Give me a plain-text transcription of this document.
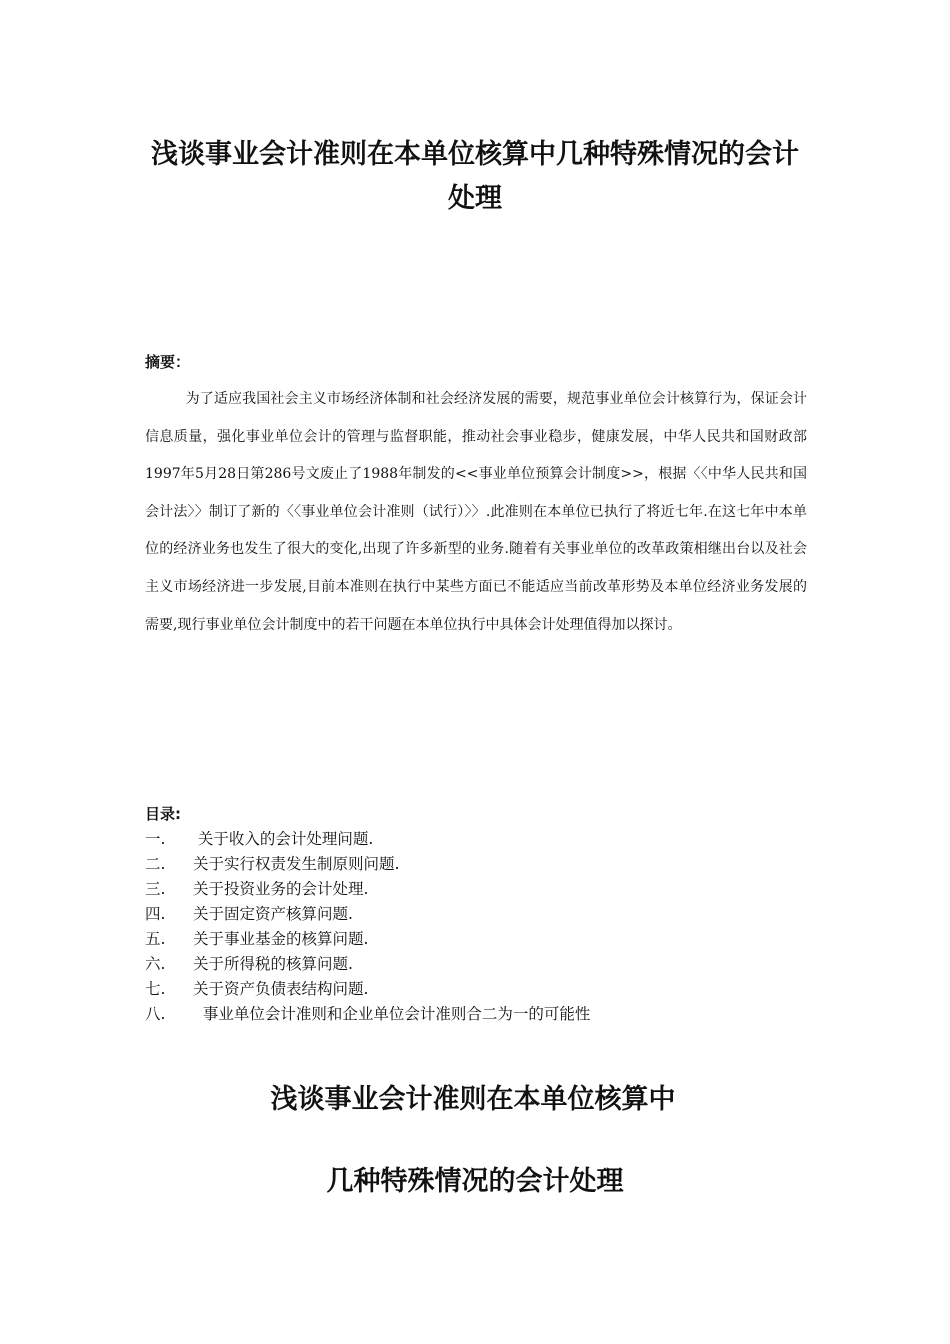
浅谈事业会计准则在本单位核算中几种特殊情况的会计处理

摘要：

为了适应我国社会主义市场经济体制和社会经济发展的需要，规范事业单位会计核算行为，保证会计信息质量，强化事业单位会计的管理与监督职能，推动社会事业稳步，健康发展，中华人民共和国财政部1997年5月28日第286号文废止了1988年制发的<<事业单位预算会计制度>>，根据〈〈中华人民共和国会计法〉〉制订了新的〈〈事业单位会计准则（试行）〉〉.此准则在本单位已执行了将近七年.在这七年中本单位的经济业务也发生了很大的变化,出现了许多新型的业务.随着有关事业单位的改革政策相继出台以及社会主义市场经济进一步发展,目前本准则在执行中某些方面已不能适应当前改革形势及本单位经济业务发展的需要,现行事业单位会计制度中的若干问题在本单位执行中具体会计处理值得加以探讨。

目录:

一. 关于收入的会计处理问题.
二. 关于实行权责发生制原则问题.
三. 关于投资业务的会计处理.
四. 关于固定资产核算问题.
五. 关于事业基金的核算问题.
六. 关于所得税的核算问题.
七. 关于资产负债表结构问题.
八.  事业单位会计准则和企业单位会计准则合二为一的可能性
浅谈事业会计准则在本单位核算中
几种特殊情况的会计处理
